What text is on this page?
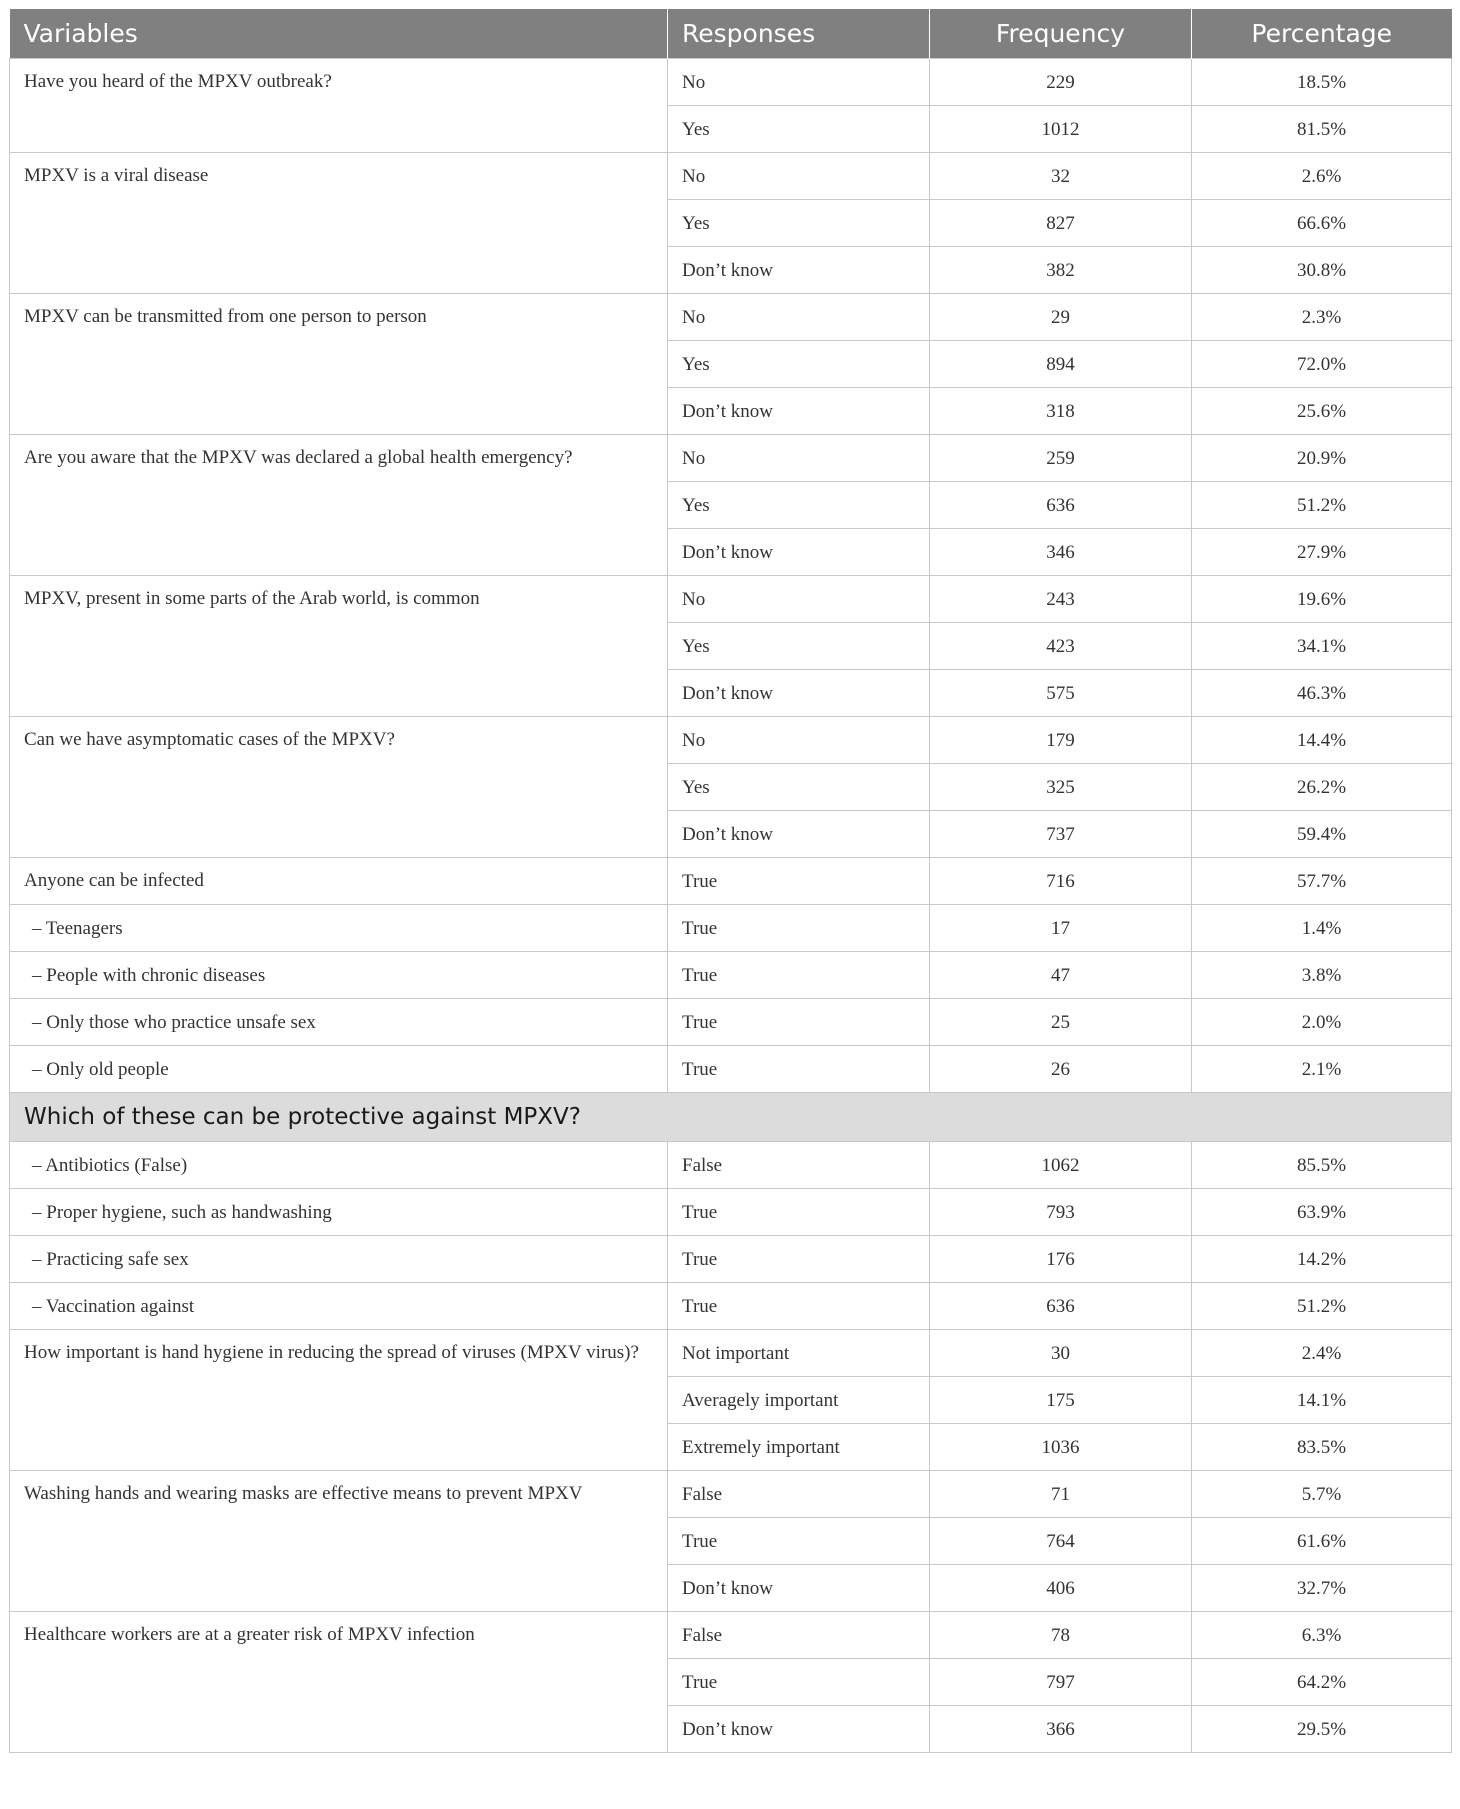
Variables	Responses	Frequency	Percentage
Have you heard of the MPXV outbreak?	No	229	18.5%
	Yes	1012	81.5%
MPXV is a viral disease	No	32	2.6%
	Yes	827	66.6%
	Don’t know	382	30.8%
MPXV can be transmitted from one person to person	No	29	2.3%
	Yes	894	72.0%
	Don’t know	318	25.6%
Are you aware that the MPXV was declared a global health emergency?	No	259	20.9%
	Yes	636	51.2%
	Don’t know	346	27.9%
MPXV, present in some parts of the Arab world, is common	No	243	19.6%
	Yes	423	34.1%
	Don’t know	575	46.3%
Can we have asymptomatic cases of the MPXV?	No	179	14.4%
	Yes	325	26.2%
	Don’t know	737	59.4%
Anyone can be infected	True	716	57.7%
– Teenagers	True	17	1.4%
– People with chronic diseases	True	47	3.8%
– Only those who practice unsafe sex	True	25	2.0%
– Only old people	True	26	2.1%
Which of these can be protective against MPXV?			
– Antibiotics (False)	False	1062	85.5%
– Proper hygiene, such as handwashing	True	793	63.9%
– Practicing safe sex	True	176	14.2%
– Vaccination against	True	636	51.2%
How important is hand hygiene in reducing the spread of viruses (MPXV virus)?	Not important	30	2.4%
	Averagely important	175	14.1%
	Extremely important	1036	83.5%
Washing hands and wearing masks are effective means to prevent MPXV	False	71	5.7%
	True	764	61.6%
	Don’t know	406	32.7%
Healthcare workers are at a greater risk of MPXV infection	False	78	6.3%
	True	797	64.2%
	Don’t know	366	29.5%
